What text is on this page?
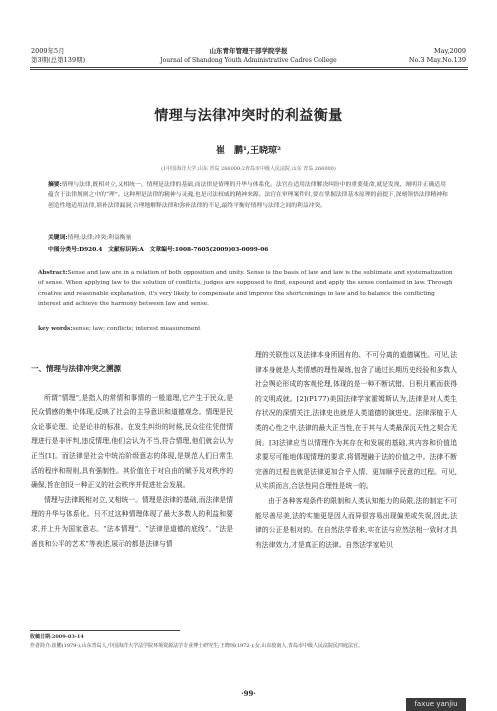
2009年5月
第3期(总第139期)
山东青年管理干部学院学报
Journal of Shandong Youth Administrative Cadres College
May,2009
No.3 May.No.139
情理与法律冲突时的利益衡量
崔　鹏¹,王晓琼²
(1中国海洋大学,山东 青岛 266000;2青岛市中级人民法院,山东 青岛 266000)
摘要:情理与法律,既相对立,又相统一。情理是法律的基础,而法律是情理的升华与体系化。法官在适用法律解决纠纷中的重要使命,就是发现、阐明并正确适用蕴含于法律规则之中的“理”。这种理是法律的精神与灵魂,也是司法权威的精神来源。法官在审理案件时,要在掌握法律基本原理的前提下,深刻领悟法律精神和创造性地适用法律,填补法律漏洞,合理地解释法律和弥补法律的不足,最终平衡好情理与法律之间的利益冲突。
关键词:情理;法律;冲突;利益衡量
中图分类号:D920.4　 文献标识码:A　 文章编号:1008-7605(2009)03-0099-06
Abstract:Sense and law are in a relation of both opposition and unity. Sense is the basis of law and law is the sublimate and systematization of sense. When applying law to the solution of conflicts, judges are supposed to find, expound and apply the sense contained in law. Through creative and reasonable explanation, it's very likely to compensate and improve the shortcomings in law and to balance the conflicting interest and achieve the harmony between law and sense.
key words:sense; law; conflicts; interest measurement
一、情理与法律冲突之溯源

所谓“情理”,是指人的常情和事情的一般道理,它产生于民众,是民众情感的集中体现,反映了社会的主导意识和道德观念。情理是民众论事论理、论是论非的标准。在发生纠纷的时候,民众往往凭借情理进行是非评判,违反情理,他们会认为不当,符合情理,他们就会认为正当[1]。而法律是社会中统治阶级意志的体现,是规范人们日常生活的程序和规则,具有强制性。其价值在于对自由的赋予及对秩序的确保,旨在创设一种正义的社会秩序并促进社会发展。

情理与法律既相对立,又相统一。情理是法律的基础,而法律是情理的升华与体系化。只不过这种情理体现了最大多数人的利益和要求,并上升为国家意志。“法本情理”、“法律是道德的底线”、“法是善良和公平的艺术”等表述,展示的都是法律与情

理的关联性以及法律本身所固有的、不可分离的道德属性。可见,法律本身就是人类情感的理性凝练,包含了通过长期历史经验和多数人社会舆论形成的客观伦理,体现的是一种不断试错、日积月累而获得的文明成就。[2](P177)美国法律学家霍姆斯认为,法律是对人类生存状况的深情关注,法律史也就是人类道德的演进史。法律深植于人类的心性之中,法律的最大正当性,在于其与人类最深沉天性之契合无间。[3]法律应当以情理作为其存在和发展的基础,其内容和价值追求要尽可能地体现情理的要求,将情理融于法的价值之中。法律不断完善的过程也就是法律更加合乎人情、更加顺乎民意的过程。可见,从实质而言,合法性同合理性是统一的。

由于各种客观条件的限制和人类认知能力的局限,法的制定不可能尽善尽美,法的实施更是因人而异很容易出现偏差或失误,因此,法律的公正是相对的。在自然法学看来,实在法与应然法相一致时才具有法律效力,才是真正的法律。自然法学家哈贝

收稿日期:2009-03-14
作者简介:崔鹏(1979-),山东青岛人,中国海洋大学法学院环境资源法学专业博士研究生;王晓琼(1972-),女,山东胶南人,青岛市中级人民法院民四庭法官。
·99·
faxue yanjiu
